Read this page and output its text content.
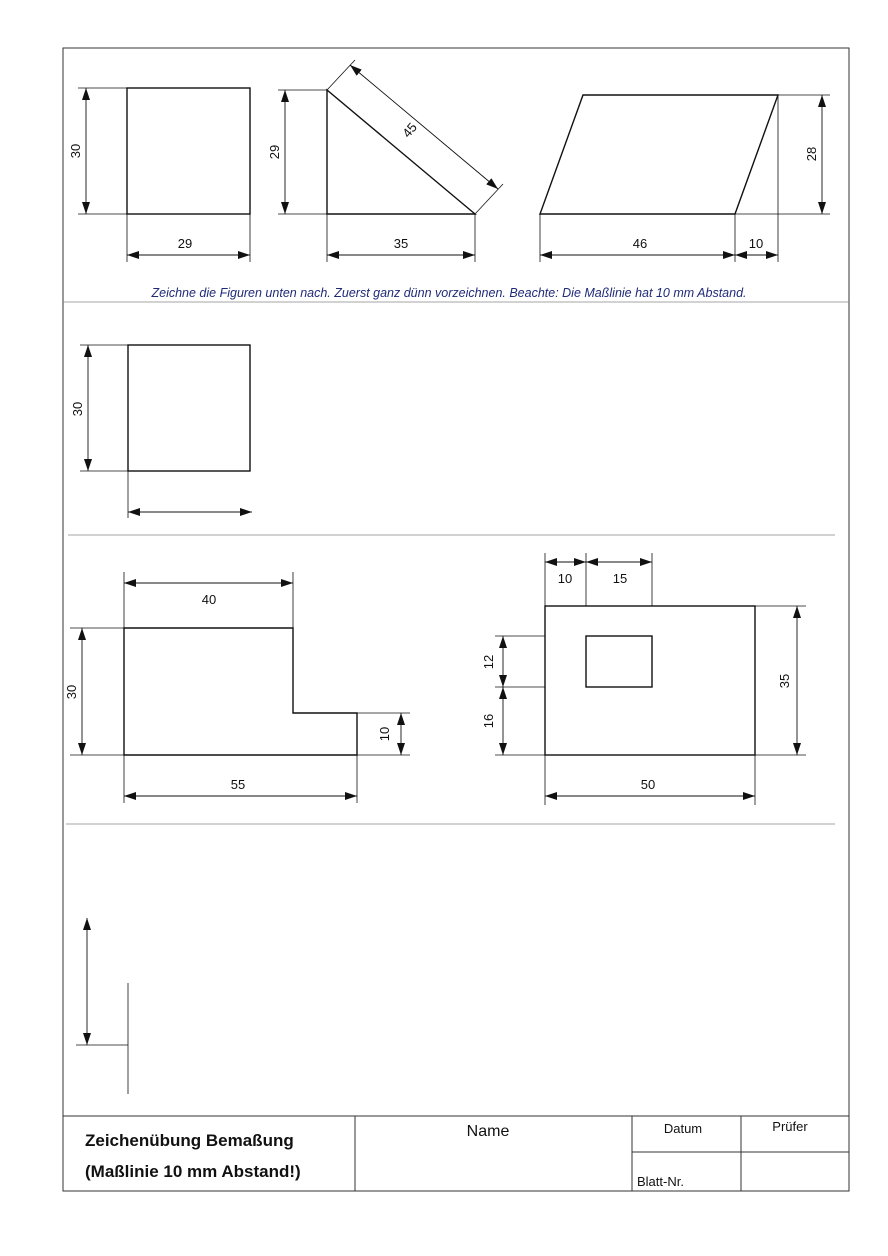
30
29
29
45
35
28
46	10
Zeichne die Figuren unten nach. Zuerst ganz dünn vorzeichnen. Beachte: Die Maßlinie hat 10 mm Abstand.
30
40
30
10
55
10	15
12
16
35
50
Zeichenübung Bemaßung
(Maßlinie 10 mm Abstand!)
Name	Datum	Prüfer
Blatt-Nr.
